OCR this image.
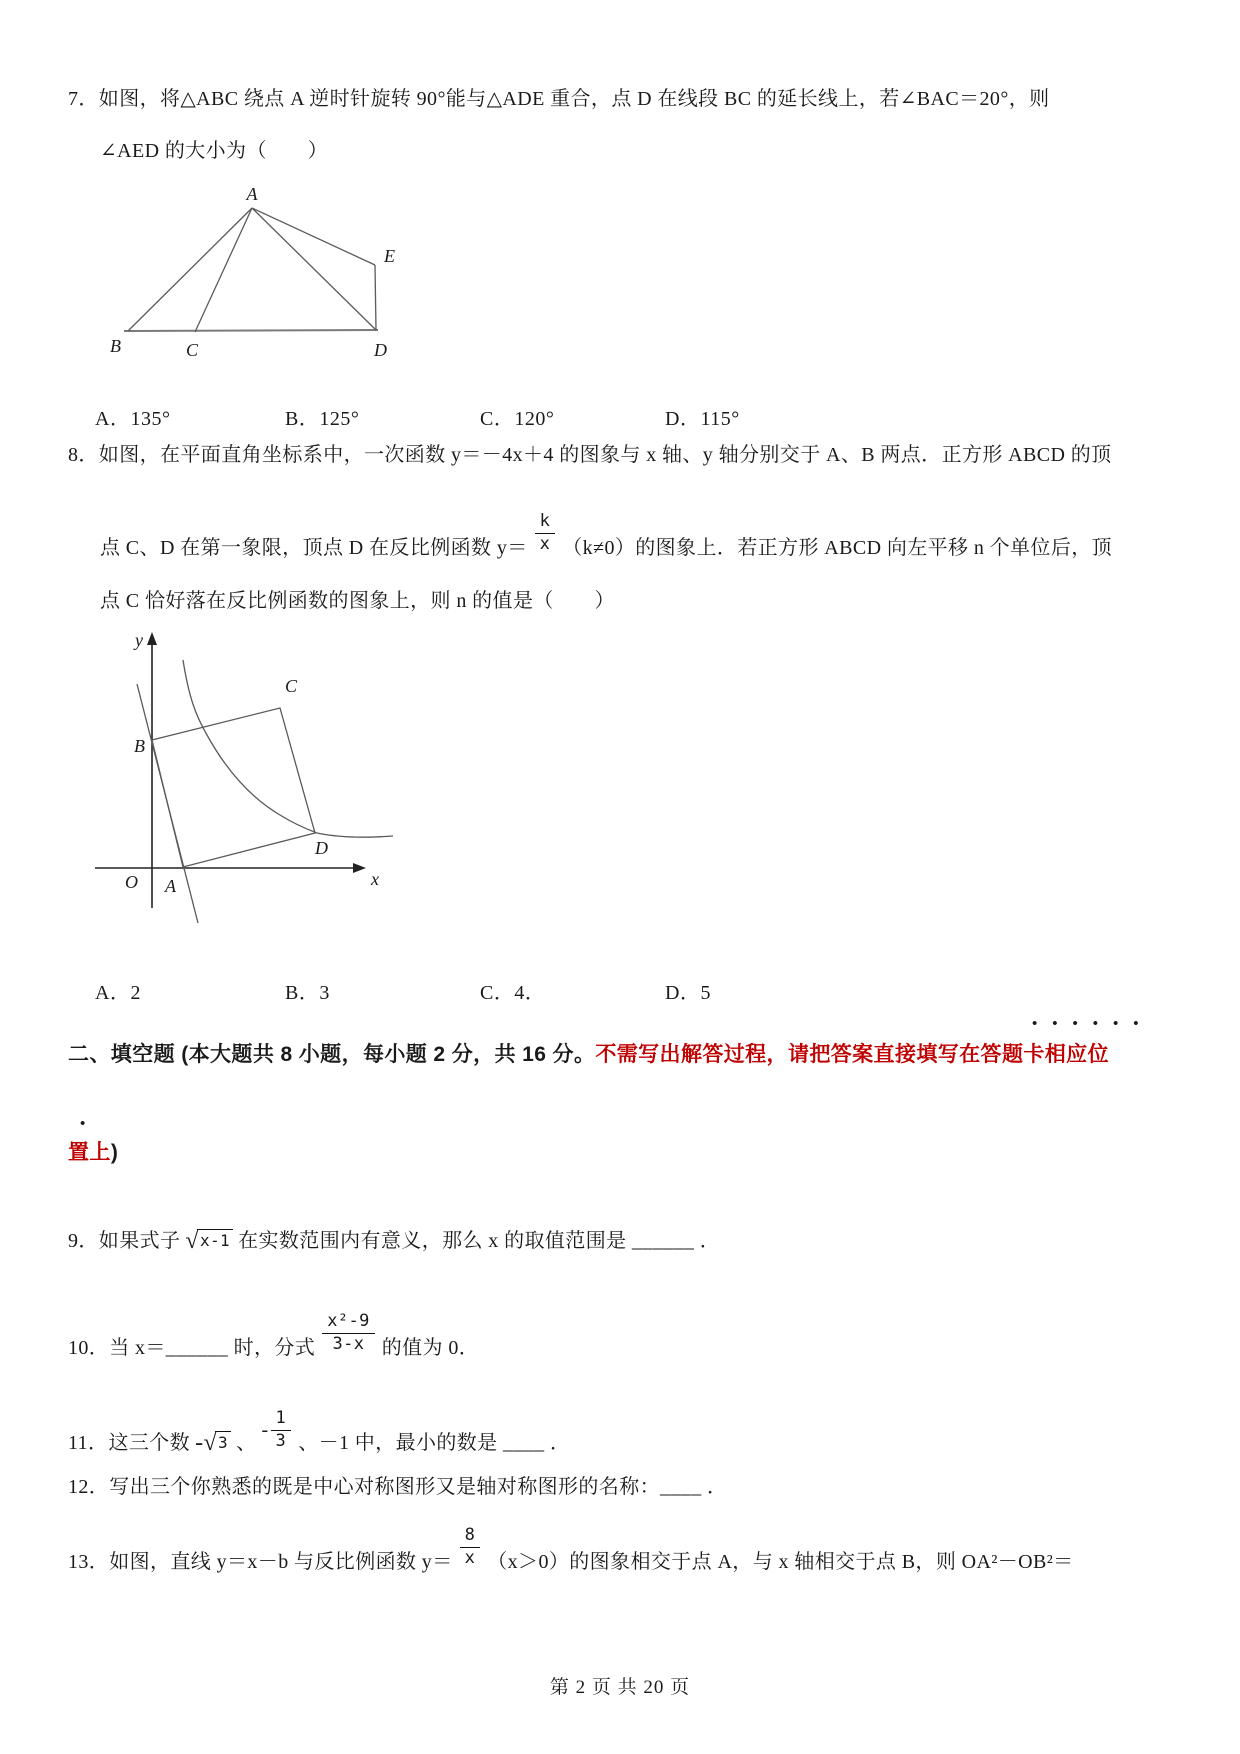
7．如图，将△ABC 绕点 A 逆时针旋转 90°能与△ADE 重合，点 D 在线段 BC 的延长线上，若∠BAC＝20°，则
∠AED 的大小为（　　）
A
B	C	D
E
A．135°	B．125°	C．120°	D．115°
8．如图，在平面直角坐标系中，一次函数 y＝－4x＋4 的图象与 x 轴、y 轴分别交于 A、B 两点．正方形 ABCD 的顶
点 C、D 在第一象限，顶点 D 在反比例函数 $y= \frac{k}{x} (k\ne 0)$的图象上．若正方形 ABCD 向左平移 n 个单位后，顶
点 C 恰好落在反比例函数的图象上，则 n 的值是（　　）
y
x
O A
B
C
D
A．2	B．3	C．4．	D．5
••••••
二、填空题 (本大题共 8 小题，每小题 2 分，共 16 分。不需写出解答过程，请把答案直接填写在答题卡相应位
•
置上)
9．如果式子 √ x-1 在实数范围内有意义，那么 x 的取值范围是 ______ ．
10．当 x＝______ 时，分式 $\frac{\text{x²-9}}{3-x}$ 的值为 0．
11．这三个数 -√ 3 、
- $\frac{1}{3}$ 、－1 中，最小的数是 ____ ．
12．写出三个你熟悉的既是中心对称图形又是轴对称图形的名称：____ ．
13．如图，直线 y＝x－b 与反比例函数 $y= \frac{8}{x} (x>0)$的图象相交于点 A，与 x 轴相交于点 B，则 OA²－OB²＝
第 2 页 共 20 页
